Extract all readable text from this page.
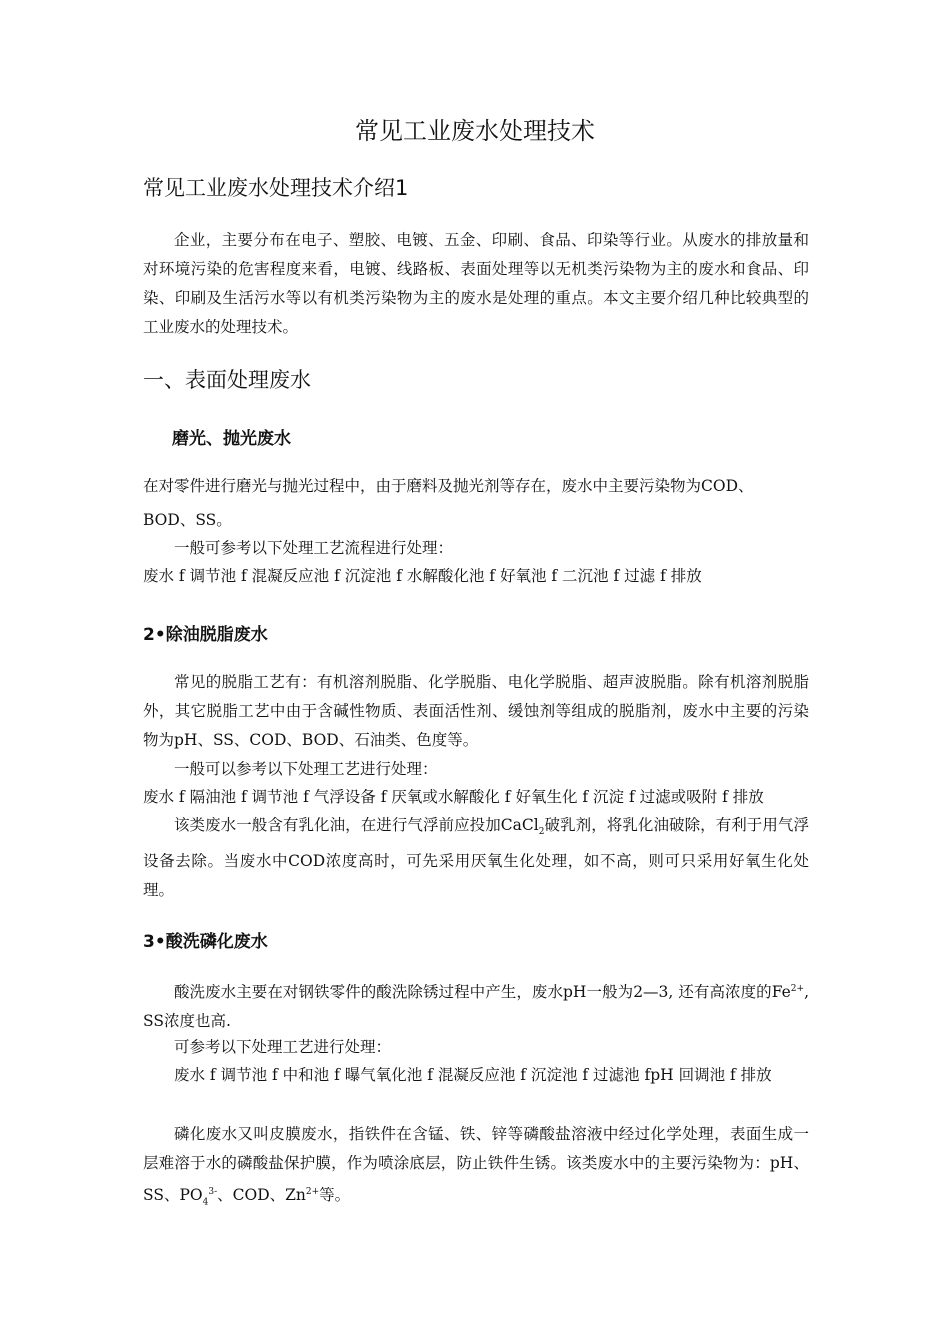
常见工业废水处理技术
常见工业废水处理技术介绍1

企业，主要分布在电子、塑胶、电镀、五金、印刷、食品、印染等行业。从废水的排放量和对环境污染的危害程度来看，电镀、线路板、表面处理等以无机类污染物为主的废水和食品、印染、印刷及生活污水等以有机类污染物为主的废水是处理的重点。本文主要介绍几种比较典型的工业废水的处理技术。

一、表面处理废水
磨光、抛光废水

在对零件进行磨光与抛光过程中，由于磨料及抛光剂等存在，废水中主要污染物为COD、

BOD、SS。

一般可参考以下处理工艺流程进行处理：

废水 f 调节池 f 混凝反应池 f 沉淀池 f 水解酸化池 f 好氧池 f 二沉池 f 过滤 f 排放

2•除油脱脂废水

常见的脱脂工艺有：有机溶剂脱脂、化学脱脂、电化学脱脂、超声波脱脂。除有机溶剂脱脂外，其它脱脂工艺中由于含碱性物质、表面活性剂、缓蚀剂等组成的脱脂剂，废水中主要的污染物为pH、SS、COD、BOD、石油类、色度等。

一般可以参考以下处理工艺进行处理：

废水 f 隔油池 f 调节池 f 气浮设备 f 厌氧或水解酸化 f 好氧生化 f 沉淀 f 过滤或吸附 f 排放

该类废水一般含有乳化油，在进行气浮前应投加CaCl$_2$破乳剂，将乳化油破除，有利于用气浮设备去除。当废水中COD浓度高时，可先采用厌氧生化处理，如不高，则可只采用好氧生化处理。

3•酸洗磷化废水

酸洗废水主要在对钢铁零件的酸洗除锈过程中产生，废水pH一般为2—3, 还有高浓度的$Fe^{2+}$, SS浓度也高.

可参考以下处理工艺进行处理：

废水 f 调节池 f 中和池 f 曝气氧化池 f 混凝反应池 f 沉淀池 f 过滤池 fpH 回调池 f 排放

磷化废水又叫皮膜废水，指铁件在含锰、铁、锌等磷酸盐溶液中经过化学处理，表面生成一层难溶于水的磷酸盐保护膜，作为喷涂底层，防止铁件生锈。该类废水中的主要污染物为：pH、SS、$PO_4^{3-}$、COD、$Zn^{2+}$等。
